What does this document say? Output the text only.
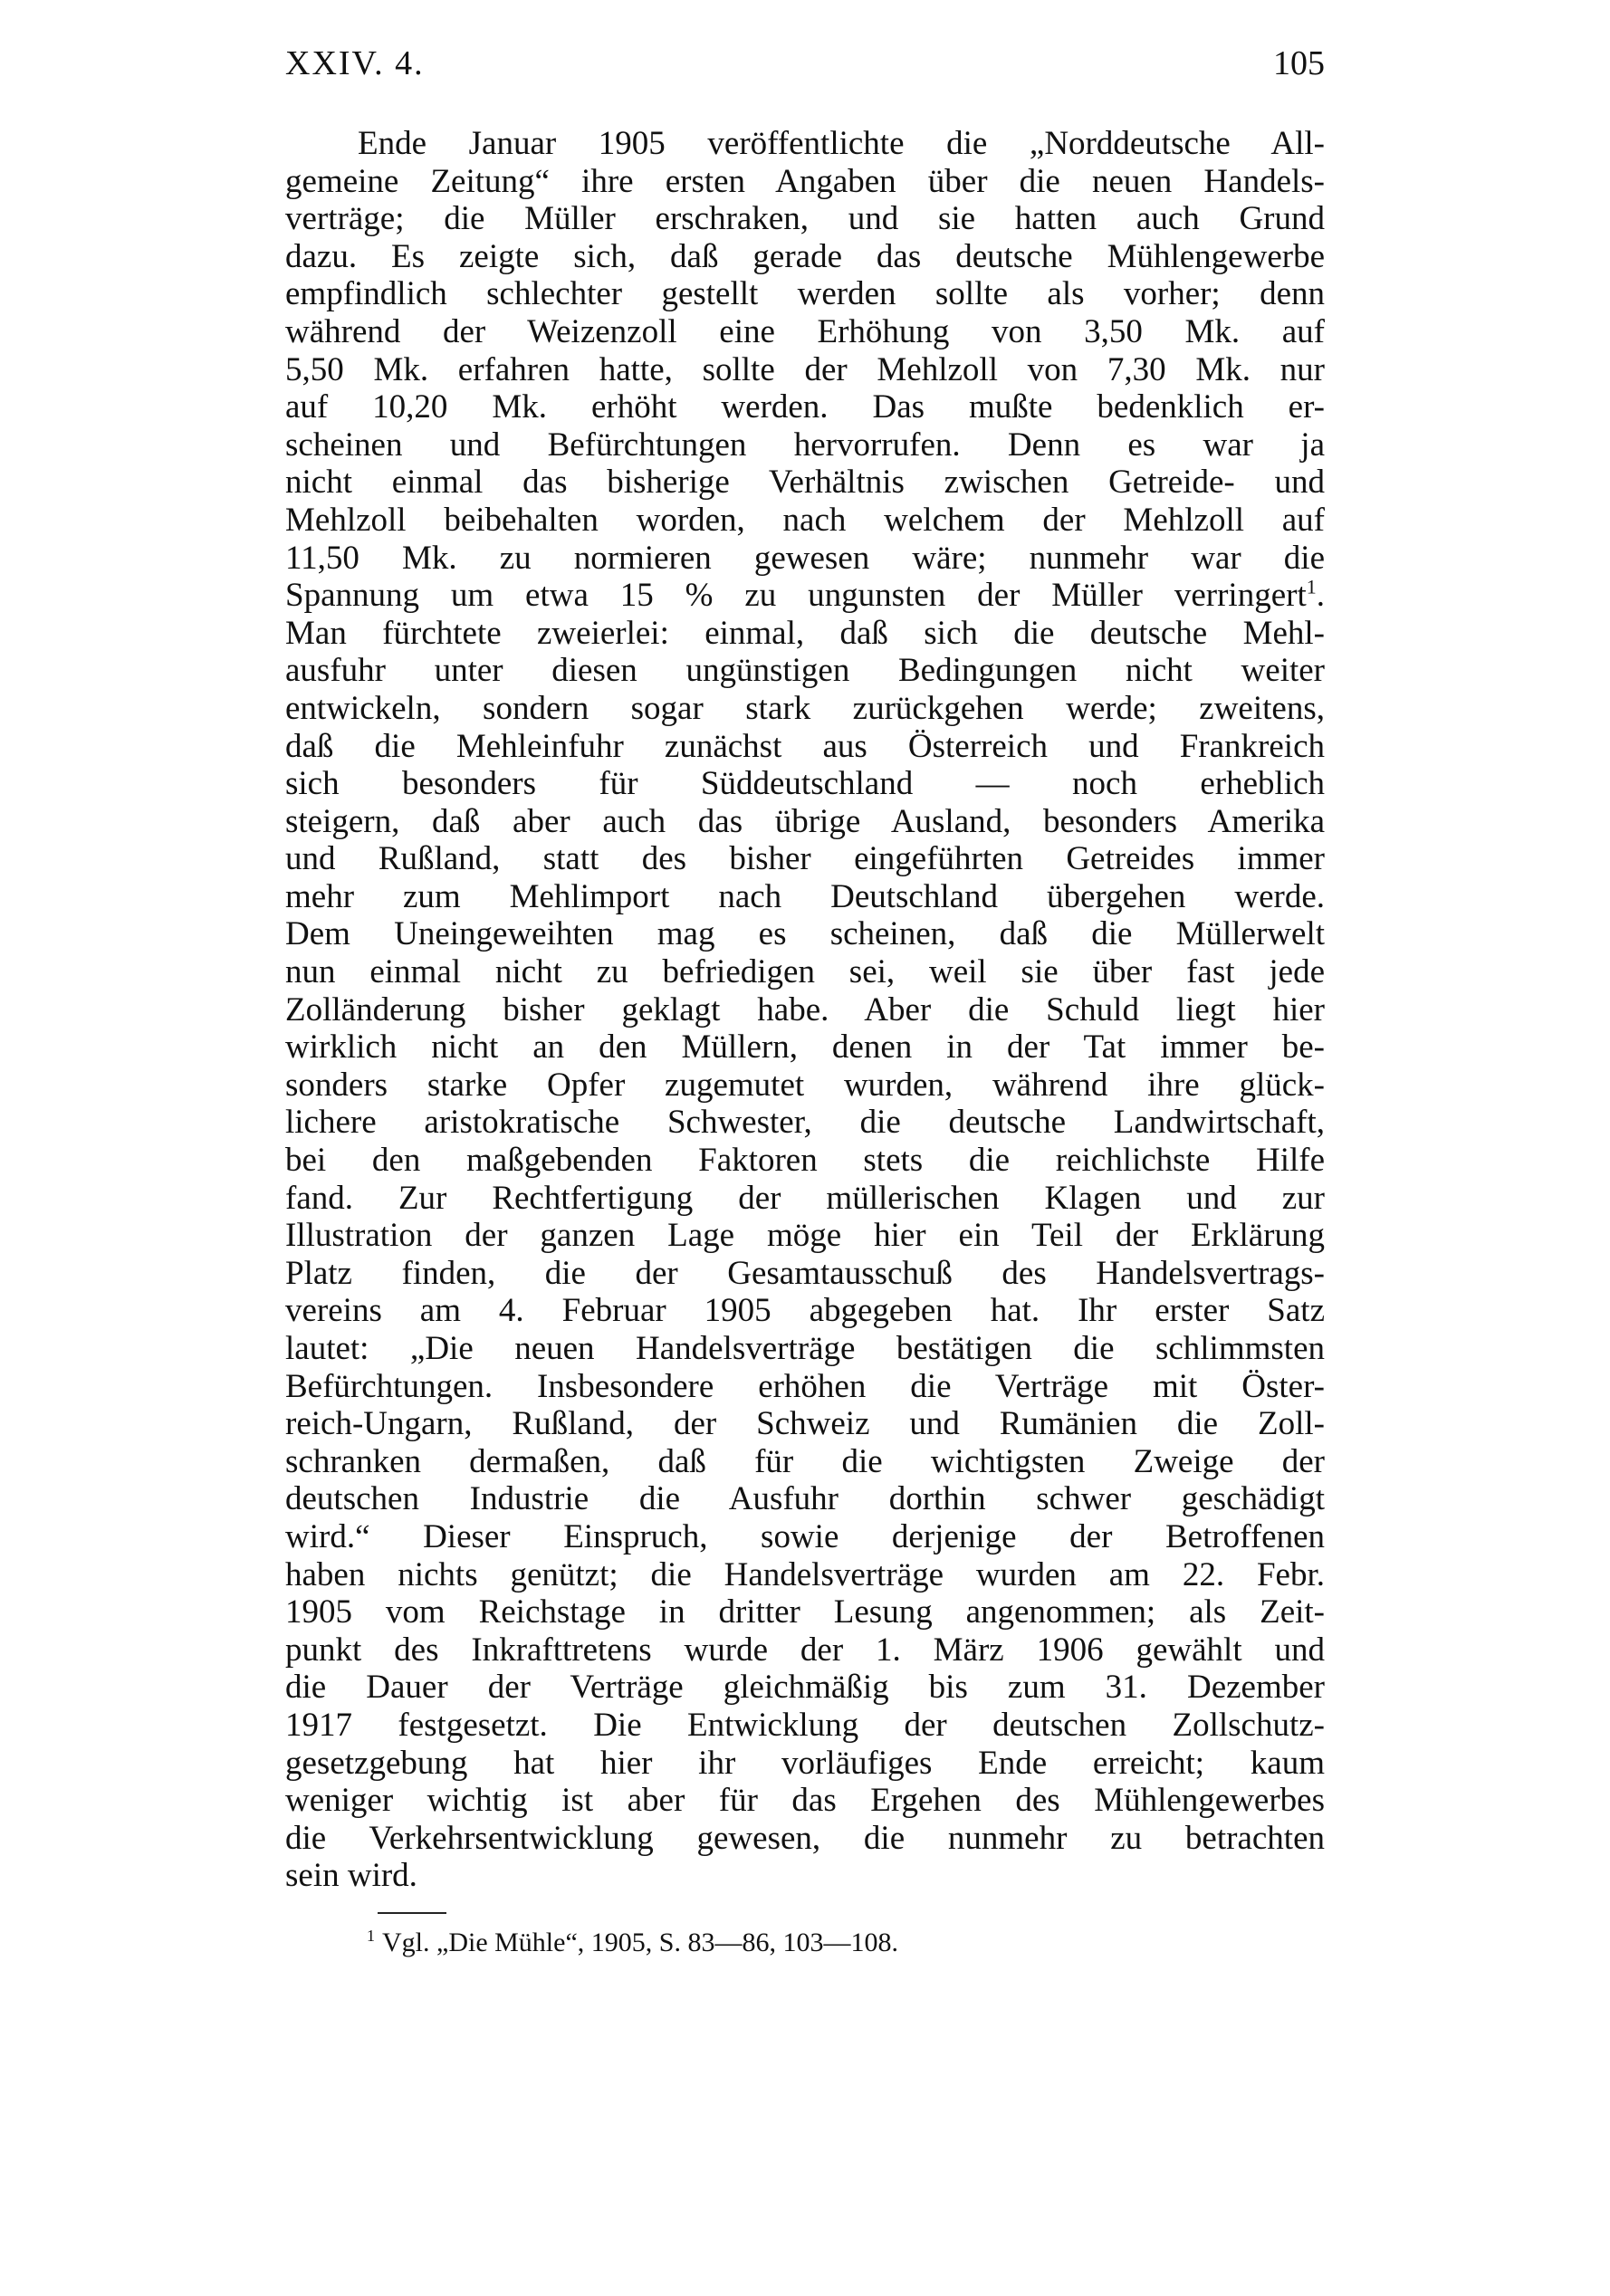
XXIV. 4.	105
Ende Januar 1905 veröffentlichte die „Norddeutsche All-
gemeine Zeitung“ ihre ersten Angaben über die neuen Handels-
verträge; die Müller erschraken, und sie hatten auch Grund
dazu. Es zeigte sich, daß gerade das deutsche Mühlengewerbe
empfindlich schlechter gestellt werden sollte als vorher; denn
während der Weizenzoll eine Erhöhung von 3,50 Mk. auf
5,50 Mk. erfahren hatte, sollte der Mehlzoll von 7,30 Mk. nur
auf 10,20 Mk. erhöht werden. Das mußte bedenklich er-
scheinen und Befürchtungen hervorrufen. Denn es war ja
nicht einmal das bisherige Verhältnis zwischen Getreide- und
Mehlzoll beibehalten worden, nach welchem der Mehlzoll auf
11,50 Mk. zu normieren gewesen wäre; nunmehr war die
Spannung um etwa 15 % zu ungunsten der Müller verringert$^1$.
Man fürchtete zweierlei: einmal, daß sich die deutsche Mehl-
ausfuhr unter diesen ungünstigen Bedingungen nicht weiter
entwickeln, sondern sogar stark zurückgehen werde; zweitens,
daß die Mehleinfuhr zunächst aus Österreich und Frankreich
sich besonders für Süddeutschland — noch erheblich
steigern, daß aber auch das übrige Ausland, besonders Amerika
und Rußland, statt des bisher eingeführten Getreides immer
mehr zum Mehlimport nach Deutschland übergehen werde.
Dem Uneingeweihten mag es scheinen, daß die Müllerwelt
nun einmal nicht zu befriedigen sei, weil sie über fast jede
Zolländerung bisher geklagt habe. Aber die Schuld liegt hier
wirklich nicht an den Müllern, denen in der Tat immer be-
sonders starke Opfer zugemutet wurden, während ihre glück-
lichere aristokratische Schwester, die deutsche Landwirtschaft,
bei den maßgebenden Faktoren stets die reichlichste Hilfe
fand. Zur Rechtfertigung der müllerischen Klagen und zur
Illustration der ganzen Lage möge hier ein Teil der Erklärung
Platz finden, die der Gesamtausschuß des Handelsvertrags-
vereins am 4. Februar 1905 abgegeben hat. Ihr erster Satz
lautet: „Die neuen Handelsverträge bestätigen die schlimmsten
Befürchtungen. Insbesondere erhöhen die Verträge mit Öster-
reich-Ungarn, Rußland, der Schweiz und Rumänien die Zoll-
schranken dermaßen, daß für die wichtigsten Zweige der
deutschen Industrie die Ausfuhr dorthin schwer geschädigt
wird.“ Dieser Einspruch, sowie derjenige der Betroffenen
haben nichts genützt; die Handelsverträge wurden am 22. Febr.
1905 vom Reichstage in dritter Lesung angenommen; als Zeit-
punkt des Inkrafttretens wurde der 1. März 1906 gewählt und
die Dauer der Verträge gleichmäßig bis zum 31. Dezember
1917 festgesetzt. Die Entwicklung der deutschen Zollschutz-
gesetzgebung hat hier ihr vorläufiges Ende erreicht; kaum
weniger wichtig ist aber für das Ergehen des Mühlengewerbes
die Verkehrsentwicklung gewesen, die nunmehr zu betrachten
sein wird.
$^1$ Vgl. „Die Mühle“, 1905, S. 83—86, 103—108.
